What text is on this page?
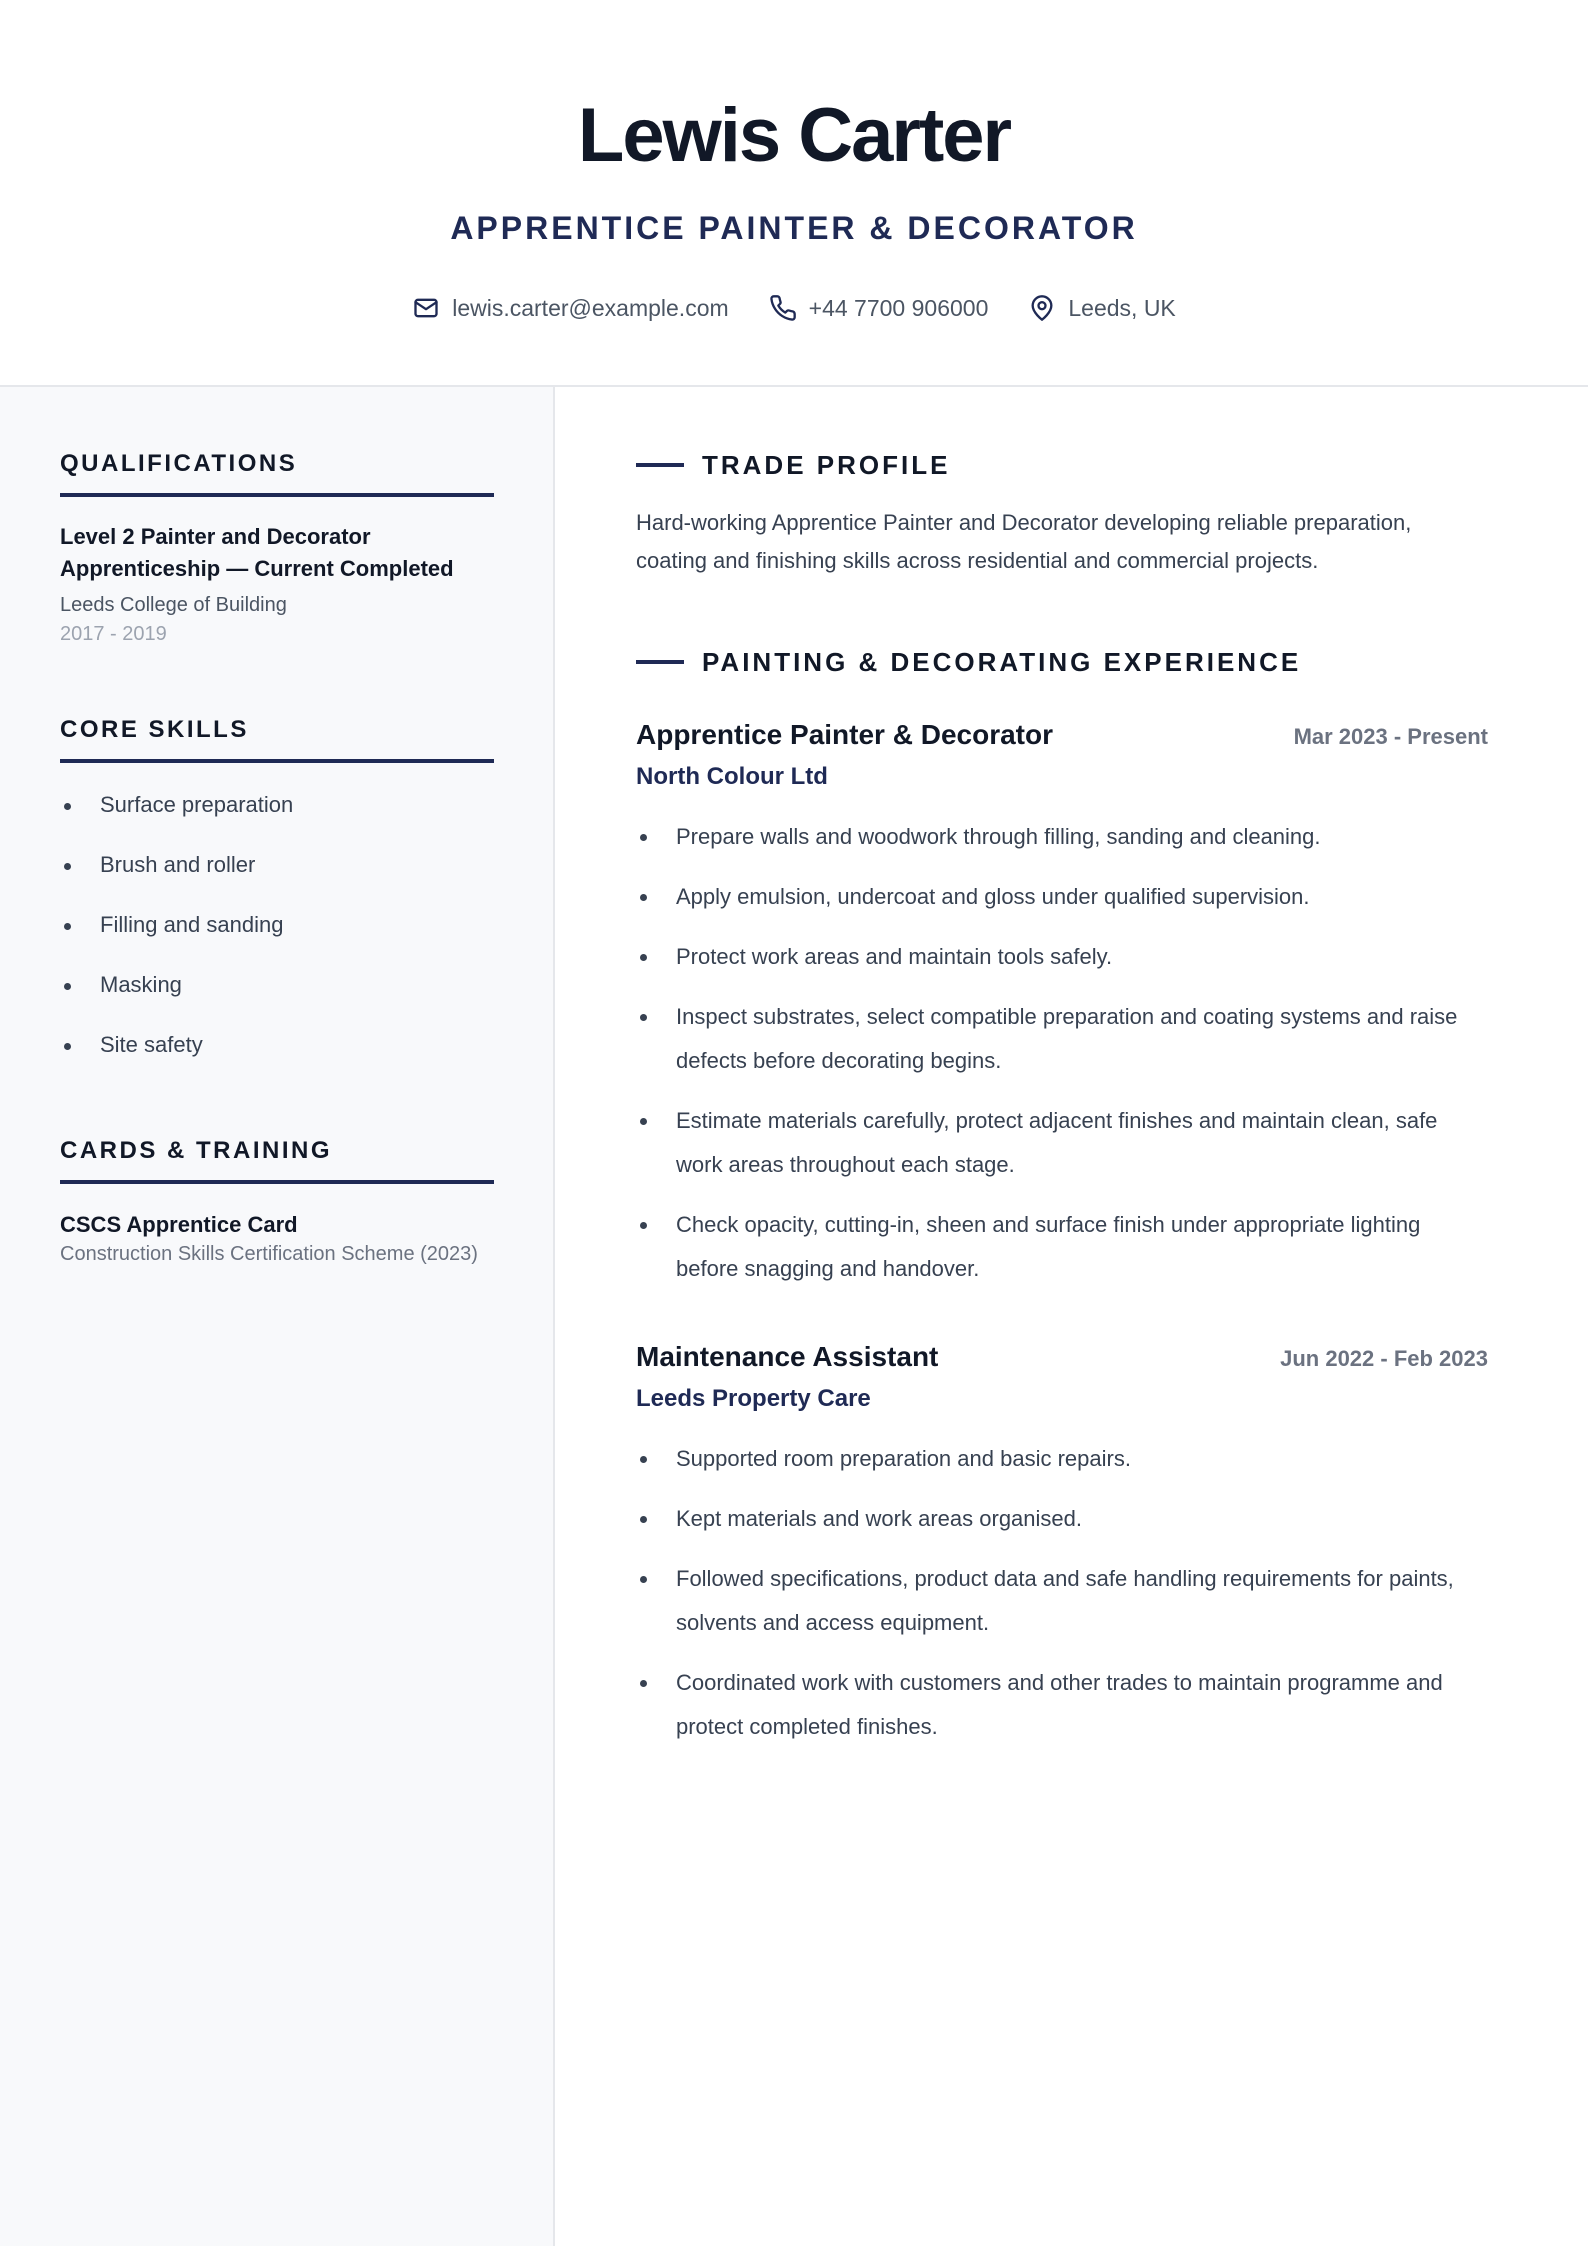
Lewis Carter
APPRENTICE PAINTER & DECORATOR
lewis.carter@example.com	+44 7700 906000	Leeds, UK
QUALIFICATIONS
Level 2 Painter and Decorator Apprenticeship — Current Completed
Leeds College of Building
2017 - 2019
CORE SKILLS
Surface preparation
Brush and roller
Filling and sanding
Masking
Site safety
CARDS & TRAINING
CSCS Apprentice Card
Construction Skills Certification Scheme (2023)
TRADE PROFILE

Hard-working Apprentice Painter and Decorator developing reliable preparation, coating and finishing skills across residential and commercial projects.

PAINTING & DECORATING EXPERIENCE
Apprentice Painter & Decorator	Mar 2023 - Present
North Colour Ltd
Prepare walls and woodwork through filling, sanding and cleaning.
Apply emulsion, undercoat and gloss under qualified supervision.
Protect work areas and maintain tools safely.
Inspect substrates, select compatible preparation and coating systems and raise defects before decorating begins.
Estimate materials carefully, protect adjacent finishes and maintain clean, safe work areas throughout each stage.
Check opacity, cutting-in, sheen and surface finish under appropriate lighting before snagging and handover.
Maintenance Assistant	Jun 2022 - Feb 2023
Leeds Property Care
Supported room preparation and basic repairs.
Kept materials and work areas organised.
Followed specifications, product data and safe handling requirements for paints, solvents and access equipment.
Coordinated work with customers and other trades to maintain programme and protect completed finishes.
